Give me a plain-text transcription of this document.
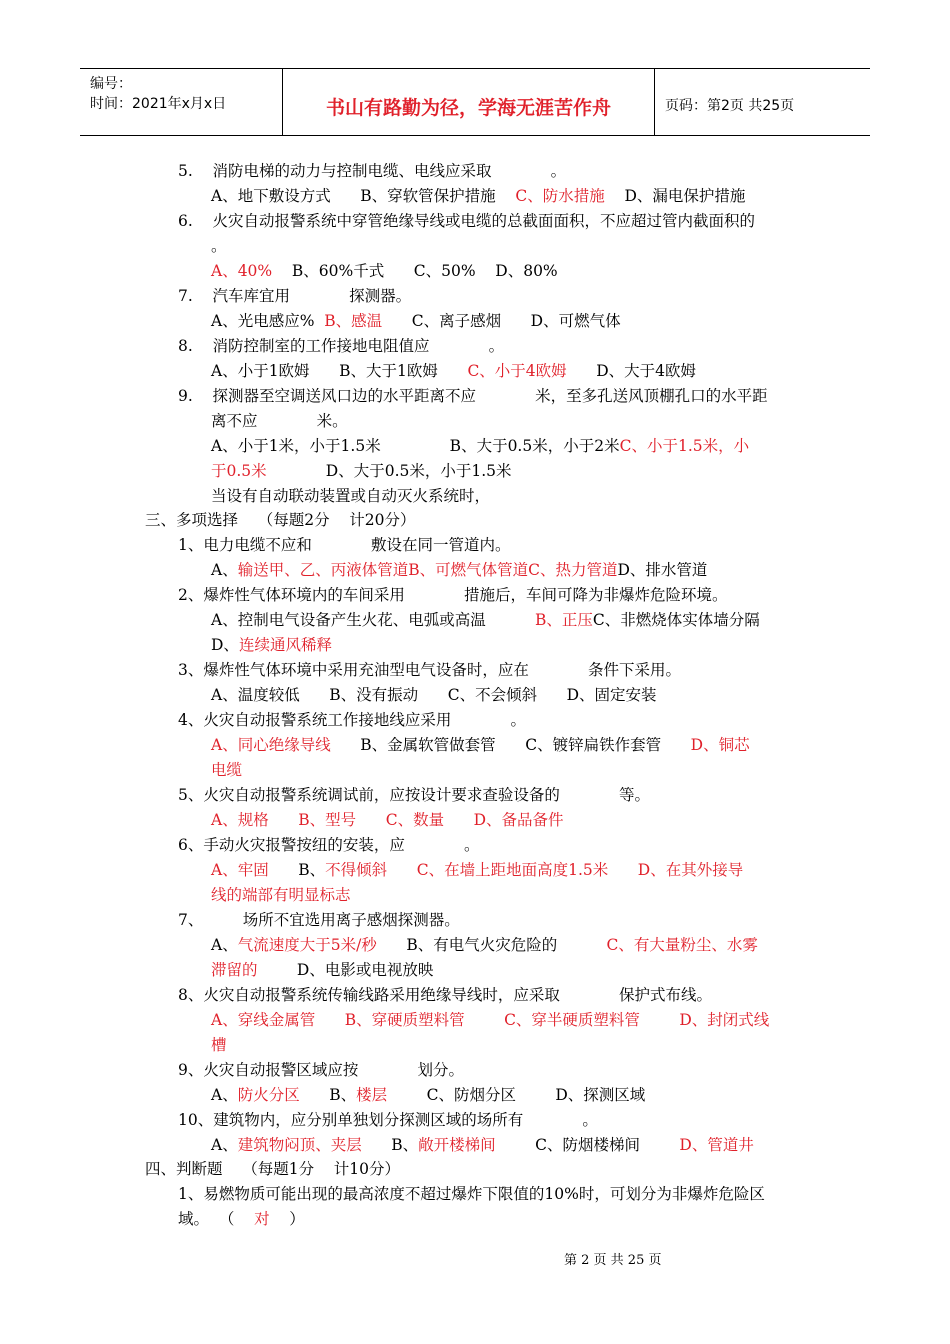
编号：
时间：2021年x月x日	书山有路勤为径，学海无涯苦作舟	页码：第2页 共25页
5.    消防电梯的动力与控制电缆、电线应采取            。
A、地下敷设方式      B、穿软管保护措施    C、防水措施    D、漏电保护措施
6.    火灾自动报警系统中穿管绝缘导线或电缆的总截面面积，不应超过管内截面积的
。
A、40%    B、60%千式      C、50%    D、80%
7.    汽车库宜用            探测器。
A、光电感应%  B、感温      C、离子感烟      D、可燃气体
8.    消防控制室的工作接地电阻值应            。
A、小于1欧姆      B、大于1欧姆      C、小于4欧姆      D、大于4欧姆
9.    探测器至空调送风口边的水平距离不应            米，至多孔送风顶棚孔口的水平距
离不应            米。
A、小于1米，小于1.5米              B、大于0.5米，小于2米C、小于1.5米，小
于0.5米            D、大于0.5米，小于1.5米
当设有自动联动装置或自动灭火系统时，
三、多项选择    （每题2分    计20分）
1、电力电缆不应和            敷设在同一管道内。
A、输送甲、乙、丙液体管道B、可燃气体管道C、热力管道D、排水管道
2、爆炸性气体环境内的车间采用            措施后，车间可降为非爆炸危险环境。
A、控制电气设备产生火花、电弧或高温          B、正压C、非燃烧体实体墙分隔
D、连续通风稀释
3、爆炸性气体环境中采用充油型电气设备时，应在            条件下采用。
A、温度较低      B、没有振动      C、不会倾斜      D、固定安装
4、火灾自动报警系统工作接地线应采用            。
A、同心绝缘导线      B、金属软管做套管      C、镀锌扁铁作套管      D、铜芯
电缆
5、火灾自动报警系统调试前，应按设计要求查验设备的            等。
A、规格      B、型号      C、数量      D、备品备件
6、手动火灾报警按纽的安装，应            。
A、牢固      B、不得倾斜      C、在墙上距地面高度1.5米      D、在其外接导
线的端部有明显标志
7、        场所不宜选用离子感烟探测器。
A、气流速度大于5米/秒      B、有电气火灾危险的          C、有大量粉尘、水雾
滞留的        D、电影或电视放映
8、火灾自动报警系统传输线路采用绝缘导线时，应采取            保护式布线。
A、穿线金属管      B、穿硬质塑料管        C、穿半硬质塑料管        D、封闭式线
槽
9、火灾自动报警区域应按            划分。
A、防火分区      B、楼层        C、防烟分区        D、探测区域
10、建筑物内，应分别单独划分探测区域的场所有            。
A、建筑物闷顶、夹层      B、敞开楼梯间        C、防烟楼梯间        D、管道井
四、判断题    （每题1分    计10分）
1、易燃物质可能出现的最高浓度不超过爆炸下限值的10%时，可划分为非爆炸危险区
域。  （    对    ）
第 2 页 共 25 页
